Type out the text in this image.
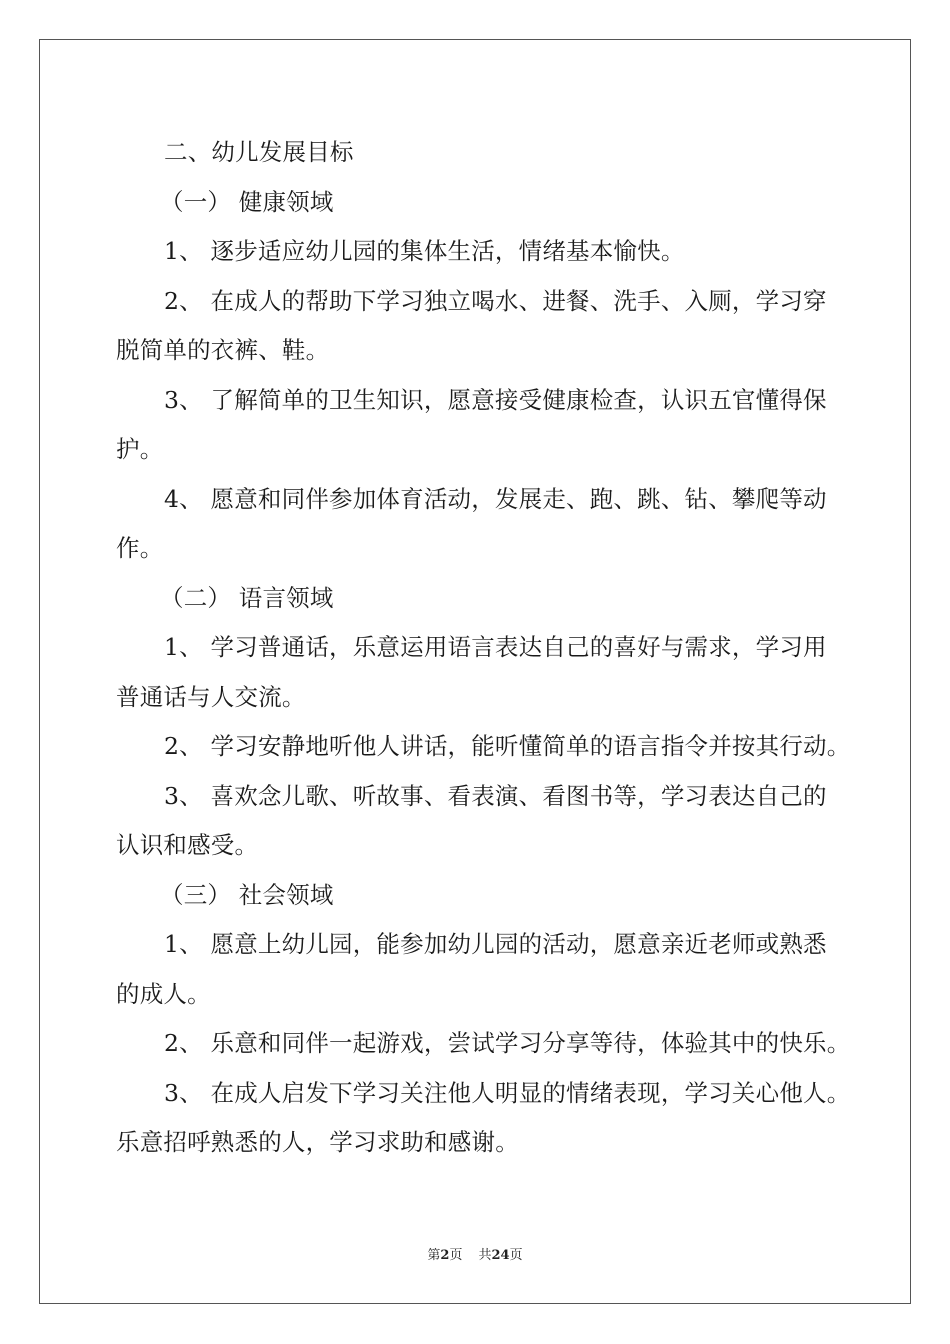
二、幼儿发展目标
（一） 健康领域
1、 逐步适应幼儿园的集体生活，情绪基本愉快。
2、 在成人的帮助下学习独立喝水、进餐、洗手、入厕，学习穿
脱简单的衣裤、鞋。
3、 了解简单的卫生知识，愿意接受健康检查，认识五官懂得保
护。
4、 愿意和同伴参加体育活动，发展走、跑、跳、钻、攀爬等动
作。
（二） 语言领域
1、 学习普通话，乐意运用语言表达自己的喜好与需求，学习用
普通话与人交流。
2、 学习安静地听他人讲话，能听懂简单的语言指令并按其行动。
3、 喜欢念儿歌、听故事、看表演、看图书等，学习表达自己的
认识和感受。
（三） 社会领域
1、 愿意上幼儿园，能参加幼儿园的活动，愿意亲近老师或熟悉
的成人。
2、 乐意和同伴一起游戏，尝试学习分享等待，体验其中的快乐。
3、 在成人启发下学习关注他人明显的情绪表现，学习关心他人。
乐意招呼熟悉的人，学习求助和感谢。
第2页 共24页
